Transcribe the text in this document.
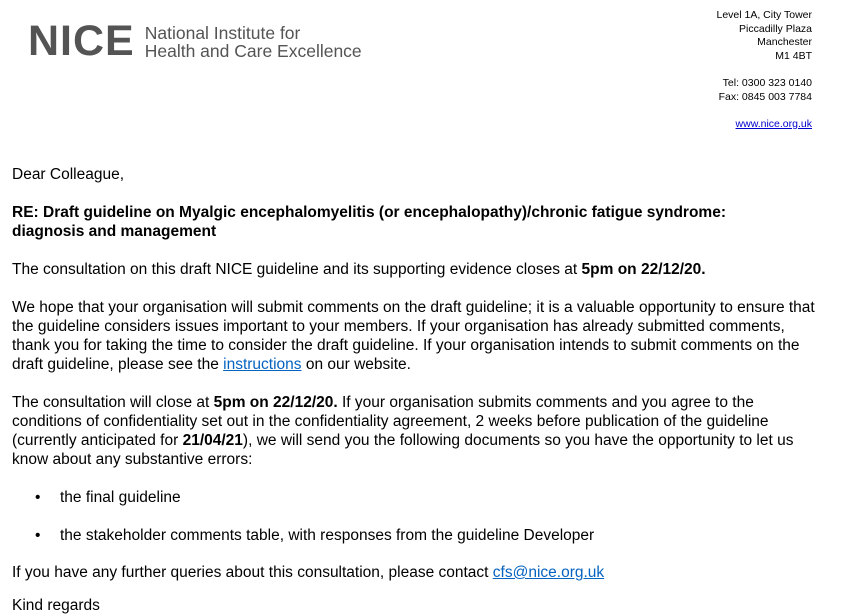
NICE National Institute for
Health and Care Excellence
Level 1A, City Tower
Piccadilly Plaza
Manchester
M1 4BT
Tel: 0300 323 0140
Fax: 0845 003 7784
www.nice.org.uk

Dear Colleague,

RE: Draft guideline on Myalgic encephalomyelitis (or encephalopathy)/chronic fatigue syndrome:
diagnosis and management

The consultation on this draft NICE guideline and its supporting evidence closes at 5pm on 22/12/20.

We hope that your organisation will submit comments on the draft guideline; it is a valuable opportunity to ensure that the guideline considers issues important to your members. If your organisation has already submitted comments, thank you for taking the time to consider the draft guideline. If your organisation intends to submit comments on the draft guideline, please see the instructions on our website.

The consultation will close at 5pm on 22/12/20. If your organisation submits comments and you agree to the conditions of confidentiality set out in the confidentiality agreement, 2 weeks before publication of the guideline (currently anticipated for 21/04/21), we will send you the following documents so you have the opportunity to let us know about any substantive errors:

• the final guideline
• the stakeholder comments table, with responses from the guideline Developer

If you have any further queries about this consultation, please contact cfs@nice.org.uk

Kind regards
